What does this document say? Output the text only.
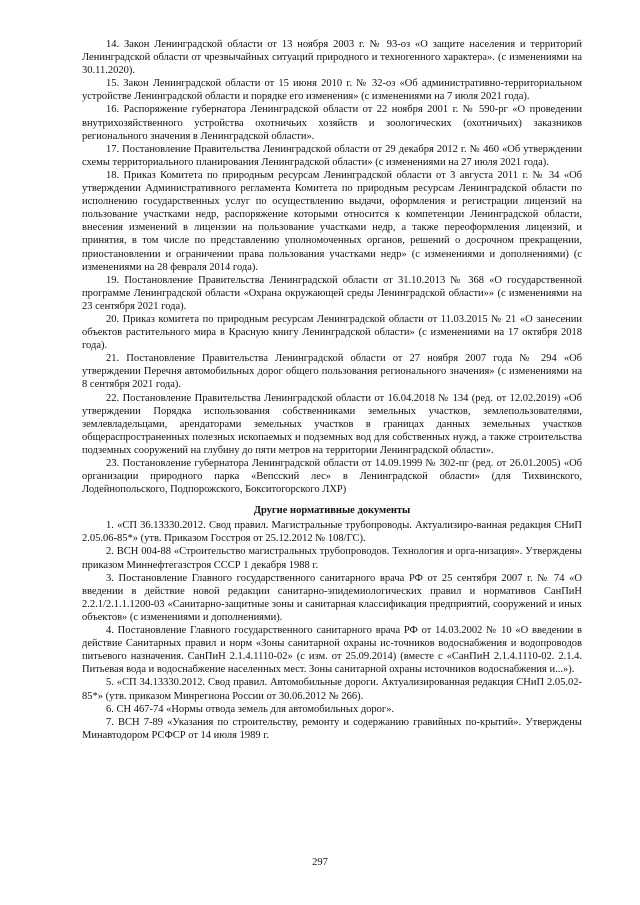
14. Закон Ленинградской области от 13 ноября 2003 г. № 93-оз «О защите населения и территорий Ленинградской области от чрезвычайных ситуаций природного и техногенного характера». (с изменениями на 30.11.2020).

15. Закон Ленинградской области от 15 июня 2010 г. № 32-оз «Об административно-территориальном устройстве Ленинградской области и порядке его изменения» (с изменениями на 7 июля 2021 года).

16. Распоряжение губернатора Ленинградской области от 22 ноября 2001 г. № 590-рг «О проведении внутрихозяйственного устройства охотничьих хозяйств и зоологических (охотничьих) заказников регионального значения в Ленинградской области».

17. Постановление Правительства Ленинградской области от 29 декабря 2012 г. № 460 «Об утверждении схемы территориального планирования Ленинградской области» (с изменениями на 27 июля 2021 года).

18. Приказ Комитета по природным ресурсам Ленинградской области от 3 августа 2011 г. № 34 «Об утверждении Административного регламента Комитета по природным ресурсам Ленинградской области по исполнению государственных услуг по осуществлению выдачи, оформления и регистрации лицензий на пользование участками недр, распоряжение которыми относится к компетенции Ленинградской области, внесения изменений в лицензии на пользование участками недр, а также переоформления лицензий, и принятия, в том числе по представлению уполномоченных органов, решений о досрочном прекращении, приостановлении и ограничении права пользования участками недр» (с изменениями и дополнениями) (с изменениями на 28 февраля 2014 года).

19. Постановление Правительства Ленинградской области от 31.10.2013 № 368 «О государственной программе Ленинградской области «Охрана окружающей среды Ленинградской области»» (с изменениями на 23 сентября 2021 года).

20. Приказ комитета по природным ресурсам Ленинградской области от 11.03.2015 № 21 «О занесении объектов растительного мира в Красную книгу Ленинградской области» (с изменениями на 17 октября 2018 года).

21. Постановление Правительства Ленинградской области от 27 ноября 2007 года № 294 «Об утверждении Перечня автомобильных дорог общего пользования регионального значения» (с изменениями на 8 сентября 2021 года).

22. Постановление Правительства Ленинградской области от 16.04.2018 № 134 (ред. от 12.02.2019) «Об утверждении Порядка использования собственниками земельных участков, землепользователями, землевладельцами, арендаторами земельных участков в границах данных земельных участков общераспространенных полезных ископаемых и подземных вод для собственных нужд, а также строительства подземных сооружений на глубину до пяти метров на территории Ленинградской области».

23. Постановление губернатора Ленинградской области от 14.09.1999 № 302-пг (ред. от 26.01.2005) «Об организации природного парка «Вепсский лес» в Ленинградской области» (для Тихвинского, Лодейнопольского, Подпорожского, Бокситогорского ЛХР)

Другие нормативные документы

1. «СП 36.13330.2012. Свод правил. Магистральные трубопроводы. Актуализиро-ванная редакция СНиП 2.05.06-85*» (утв. Приказом Госстроя от 25.12.2012 № 108/ГС).

2. ВСН 004-88 «Строительство магистральных трубопроводов. Технология и орга-низация». Утверждены приказом Миннефтегазстроя СССР 1 декабря 1988 г.

3. Постановление Главного государственного санитарного врача РФ от 25 сентября 2007 г. № 74 «О введении в действие новой редакции санитарно-эпидемиологических правил и нормативов СанПиН 2.2.1/2.1.1.1200-03 «Санитарно-защитные зоны и санитарная классификация предприятий, сооружений и иных объектов» (с изменениями и дополнениями).

4. Постановление Главного государственного санитарного врача РФ от 14.03.2002 № 10 «О введении в действие Санитарных правил и норм «Зоны санитарной охраны ис-точников водоснабжения и водопроводов питьевого назначения. СанПиН 2.1.4.1110-02» (с изм. от 25.09.2014) (вместе с «СанПиН 2.1.4.1110-02. 2.1.4. Питьевая вода и водоснабжение населенных мест. Зоны санитарной охраны источников водоснабжения и...»).

5. «СП 34.13330.2012. Свод правил. Автомобильные дороги. Актуализированная редакция СНиП 2.05.02-85*» (утв. приказом Минрегиона России от 30.06.2012 № 266).

6. СН 467-74 «Нормы отвода земель для автомобильных дорог».

7. ВСН 7-89 «Указания по строительству, ремонту и содержанию гравийных по-крытий». Утверждены Минавтодором РСФСР от 14 июля 1989 г.

297
